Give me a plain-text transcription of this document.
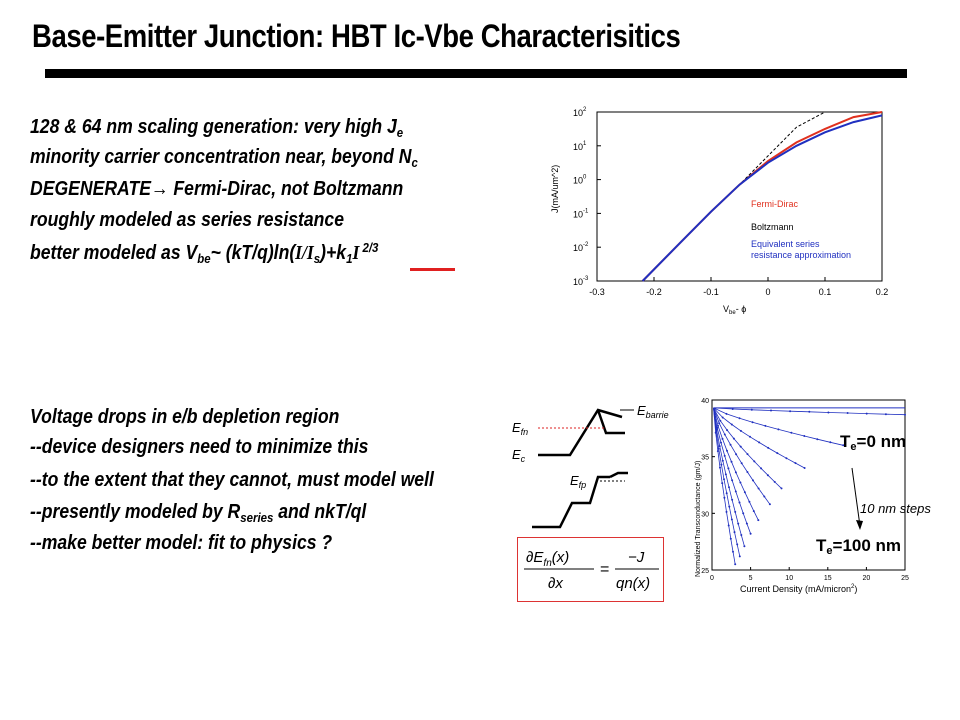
Base-Emitter Junction: HBT Ic-Vbe Characterisitics
128 & 64 nm scaling generation: very high $J_e$
minority carrier concentration near, beyond $N_c$
DEGENERATE→ Fermi-Dirac, not Boltzmann
roughly modeled as series resistance
better modeled as $V_{be}\sim$ $(kT/q)\ln(I/I_s)+k_1I$ $^{2/3}$
-0.3	-0.2	-0.1	0	0.1	0.2
$10^2$
$10^1$
$10^0$
$10^{-1}$
$10^{-2}$
$10^{-3}$
J(mA/um^2)
$V_{be}-$ ϕ
Fermi-Dirac
Boltzmann
Equivalent series
resistance approximation
Voltage drops in e/b depletion region
--device designers need to minimize this
--to the extent that they cannot, must model well
--presently modeled by $R_{series}$ and nkT/ql
--make better model: fit to physics ?
$E_{fn}$
$E_c$
$E_{fp}$
$E_{barrie}$
$\partial E_{fn}(x)$
∂x
=
−J
qn(x)	0	5	10	15	20	25
25
30
35
40
Normalized Transconductance (gm/J)
Current Density (mA/micron$^2$)
$T_e=0$ nm
10 nm steps
$T_e=100$ nm
